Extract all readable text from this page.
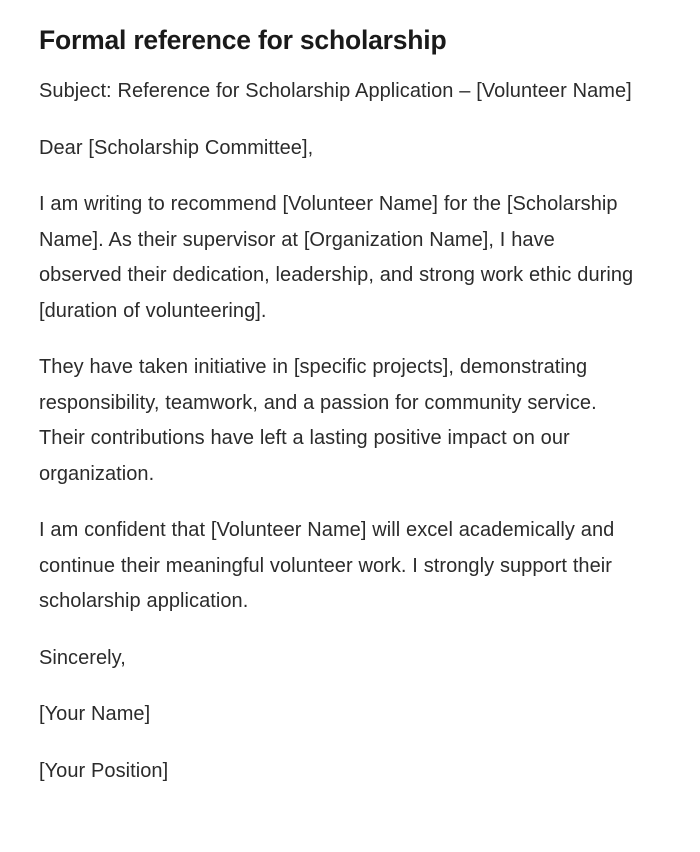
Formal reference for scholarship

Subject: Reference for Scholarship Application – [Volunteer Name]

Dear [Scholarship Committee],

I am writing to recommend [Volunteer Name] for the [Scholarship Name]. As their supervisor at [Organization Name], I have observed their dedication, leadership, and strong work ethic during [duration of volunteering].

They have taken initiative in [specific projects], demonstrating responsibility, teamwork, and a passion for community service. Their contributions have left a lasting positive impact on our organization.

I am confident that [Volunteer Name] will excel academically and continue their meaningful volunteer work. I strongly support their scholarship application.

Sincerely,

[Your Name]

[Your Position]
